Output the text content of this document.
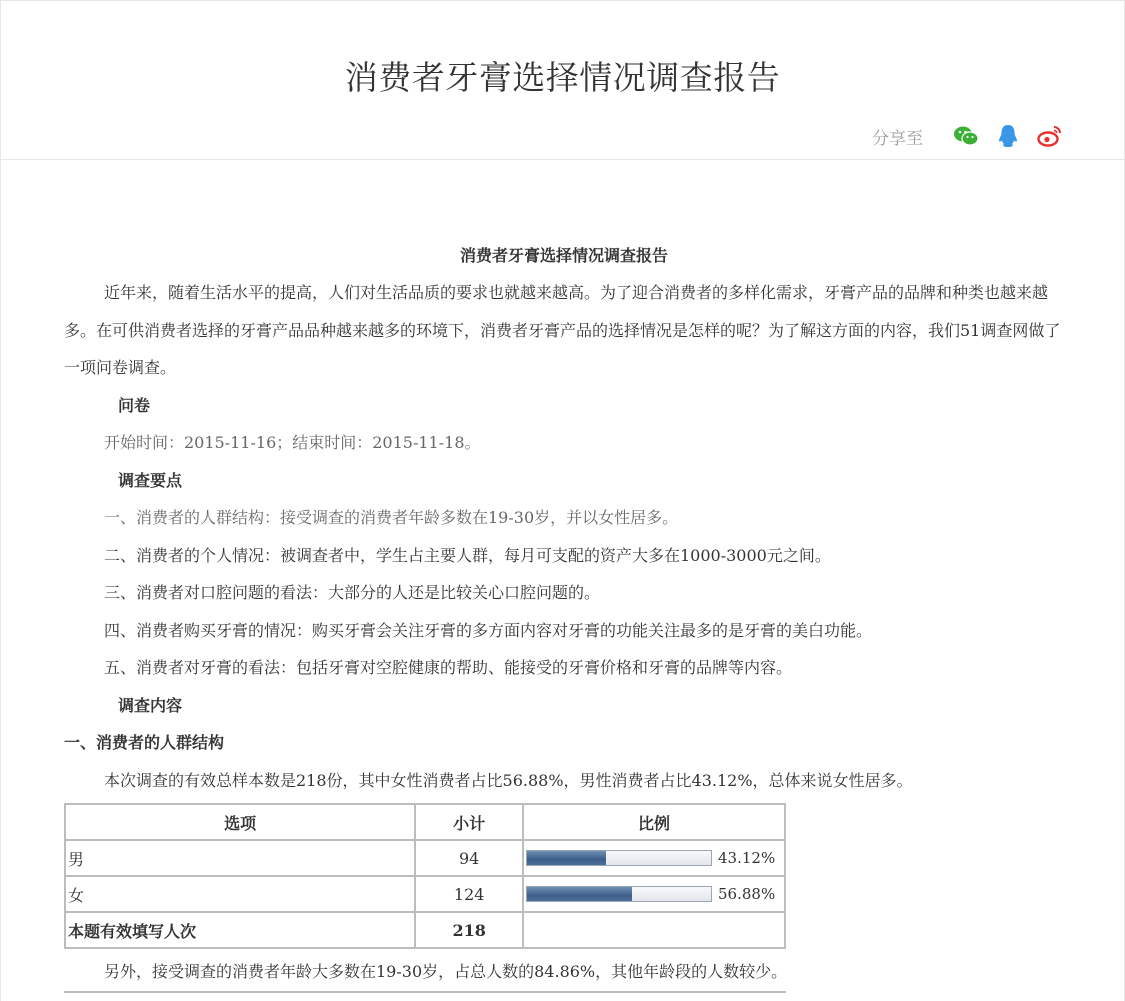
消费者牙膏选择情况调查报告
分享至
消费者牙膏选择情况调查报告
近年来，随着生活水平的提高，人们对生活品质的要求也就越来越高。为了迎合消费者的多样化需求，牙膏产品的品牌和种类也越来越多。在可供消费者选择的牙膏产品品种越来越多的环境下，消费者牙膏产品的选择情况是怎样的呢？为了解这方面的内容，我们51调查网做了一项问卷调查。
问卷
开始时间：2015-11-16；结束时间：2015-11-18。
调查要点
一、消费者的人群结构：接受调查的消费者年龄多数在19-30岁，并以女性居多。
二、消费者的个人情况：被调查者中，学生占主要人群，每月可支配的资产大多在1000-3000元之间。
三、消费者对口腔问题的看法：大部分的人还是比较关心口腔问题的。
四、消费者购买牙膏的情况：购买牙膏会关注牙膏的多方面内容对牙膏的功能关注最多的是牙膏的美白功能。
五、消费者对牙膏的看法：包括牙膏对空腔健康的帮助、能接受的牙膏价格和牙膏的品牌等内容。
调查内容
一、消费者的人群结构
本次调查的有效总样本数是218份，其中女性消费者占比56.88%，男性消费者占比43.12%，总体来说女性居多。
选项	小计	比例
男	94	43.12%

女	124	56.88%

本题有效填写人次	218	
另外，接受调查的消费者年龄大多数在19-30岁，占总人数的84.86%，其他年龄段的人数较少。
